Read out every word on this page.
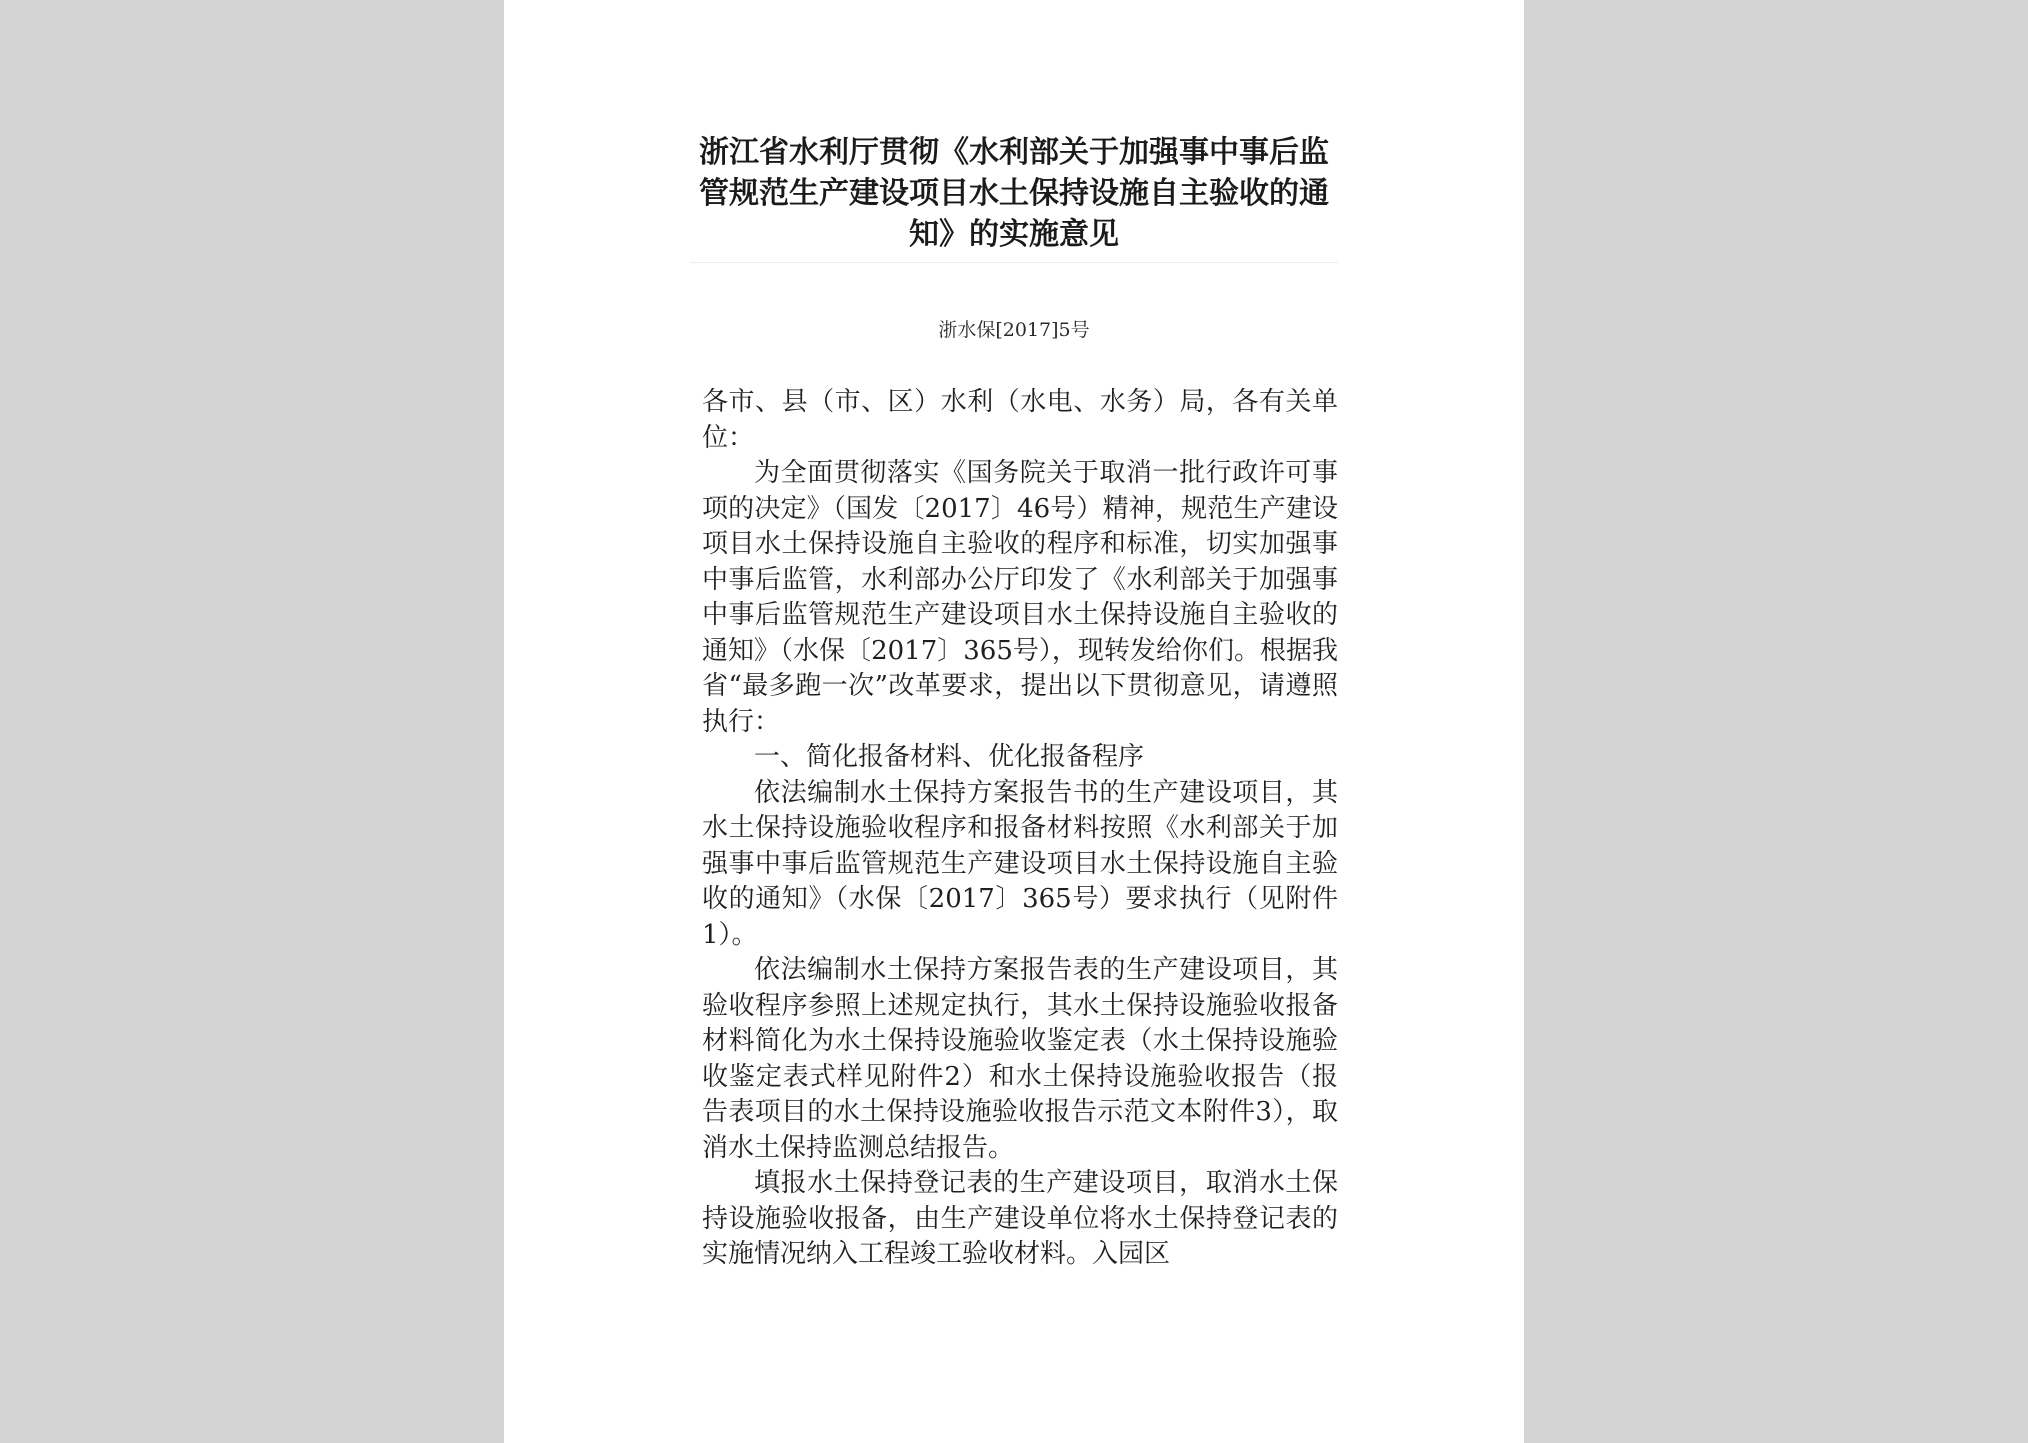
浙江省水利厅贯彻《水利部关于加强事中事后监管规范生产建设项目水土保持设施自主验收的通知》的实施意见
浙水保[2017]5号

各市、县（市、区）水利（水电、水务）局，各有关单位：

为全面贯彻落实《国务院关于取消一批行政许可事项的决定》（国发〔2017〕46号）精神，规范生产建设项目水土保持设施自主验收的程序和标准，切实加强事中事后监管，水利部办公厅印发了《水利部关于加强事中事后监管规范生产建设项目水土保持设施自主验收的通知》（水保〔2017〕365号），现转发给你们。根据我省“最多跑一次”改革要求，提出以下贯彻意见，请遵照执行：

一、简化报备材料、优化报备程序

依法编制水土保持方案报告书的生产建设项目，其水土保持设施验收程序和报备材料按照《水利部关于加强事中事后监管规范生产建设项目水土保持设施自主验收的通知》（水保〔2017〕365号）要求执行（见附件1）。

依法编制水土保持方案报告表的生产建设项目，其验收程序参照上述规定执行，其水土保持设施验收报备材料简化为水土保持设施验收鉴定表（水土保持设施验收鉴定表式样见附件2）和水土保持设施验收报告（报告表项目的水土保持设施验收报告示范文本附件3），取消水土保持监测总结报告。

填报水土保持登记表的生产建设项目，取消水土保持设施验收报备，由生产建设单位将水土保持登记表的实施情况纳入工程竣工验收材料。入园区
